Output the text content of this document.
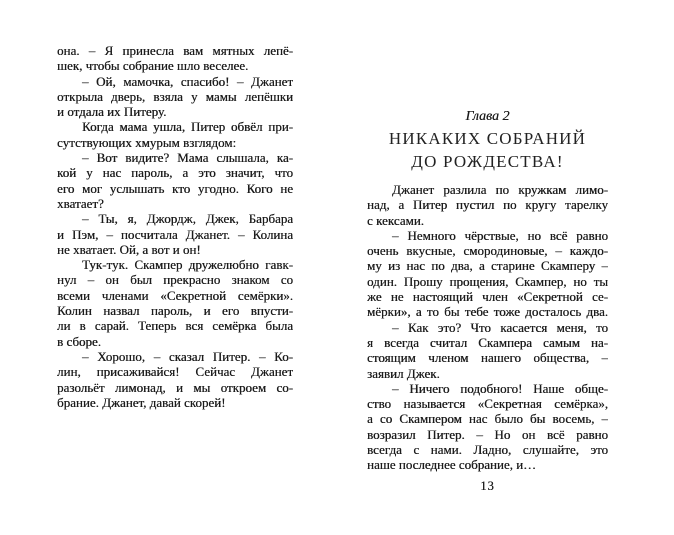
она. – Я принесла вам мятных лепё-
шек, чтобы собрание шло веселее.
– Ой, мамочка, спасибо! – Джанет
открыла дверь, взяла у мамы лепёшки
и отдала их Питеру.
Когда мама ушла, Питер обвёл при-
сутствующих хмурым взглядом:
– Вот видите? Мама слышала, ка-
кой у нас пароль, а это значит, что
его мог услышать кто угодно. Кого не
хватает?
– Ты, я, Джордж, Джек, Барбара
и Пэм, – посчитала Джанет. – Колина
не хватает. Ой, а вот и он!
Тук-тук. Скампер дружелюбно гавк-
нул – он был прекрасно знаком со
всеми членами «Секретной семёрки».
Колин назвал пароль, и его впусти-
ли в сарай. Теперь вся семёрка была
в сборе.
– Хорошо, – сказал Питер. – Ко-
лин, присаживайся! Сейчас Джанет
разольёт лимонад, и мы откроем со-
брание. Джанет, давай скорей!
Глава 2
НИКАКИХ СОБРАНИЙ
ДО РОЖДЕСТВА!
Джанет разлила по кружкам лимо-
над, а Питер пустил по кругу тарелку
с кексами.
– Немного чёрствые, но всё равно
очень вкусные, смородиновые, – каждо-
му из нас по два, а старине Скамперу –
один. Прошу прощения, Скампер, но ты
же не настоящий член «Секретной се-
мёрки», а то бы тебе тоже досталось два.
– Как это? Что касается меня, то
я всегда считал Скампера самым на-
стоящим членом нашего общества, –
заявил Джек.
– Ничего подобного! Наше обще-
ство называется «Секретная семёрка»,
а со Скампером нас было бы восемь, –
возразил Питер. – Но он всё равно
всегда с нами. Ладно, слушайте, это
наше последнее собрание, и…
13
